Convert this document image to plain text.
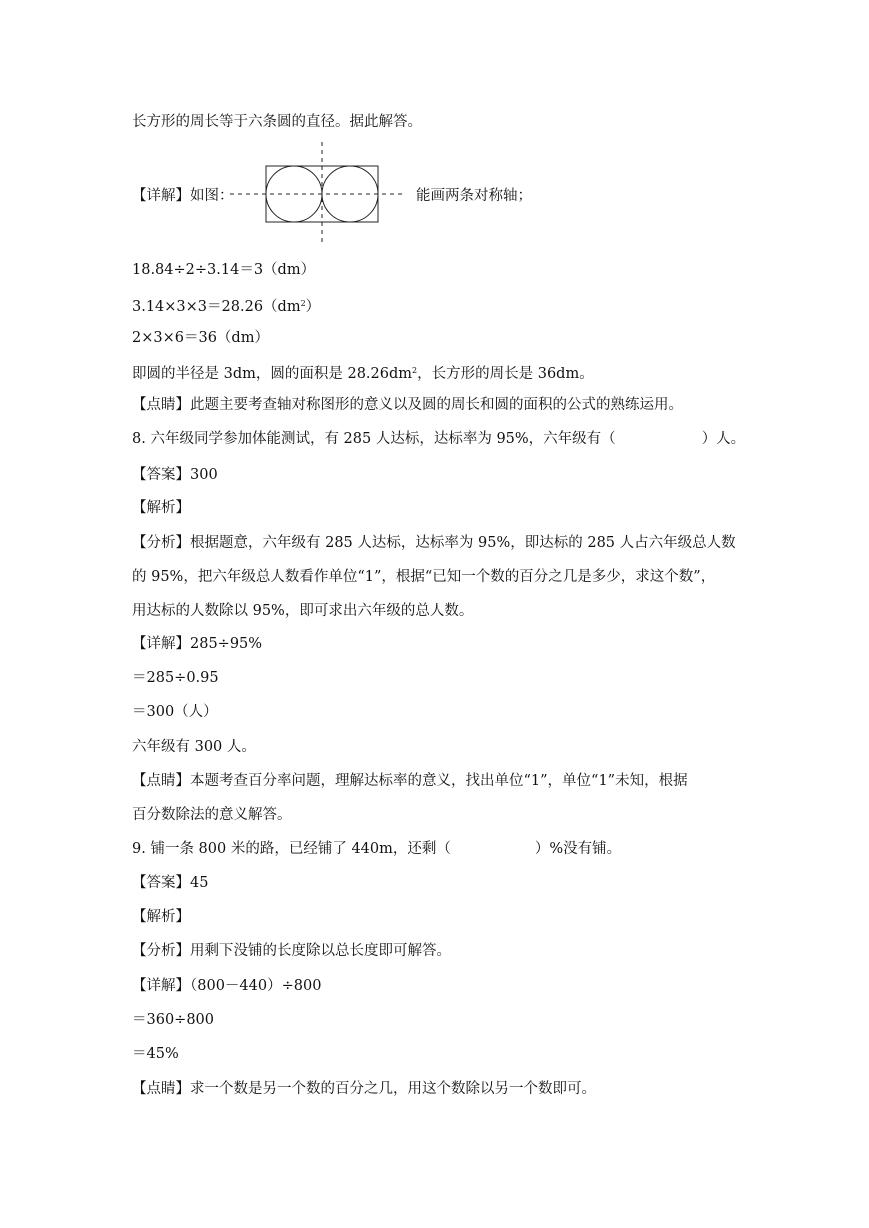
长方形的周长等于六条圆的直径。据此解答。
【详解】如图：	能画两条对称轴；
18.84÷2÷3.14＝3（dm）
$3.14\times 3\times 3=28.26(dm^2)$
2×3×6＝36（dm）
即圆的半径是 3dm，圆的面积是 $28.26dm^2$，长方形的周长是 36dm。
【点睛】此题主要考查轴对称图形的意义以及圆的周长和圆的面积的公式的熟练运用。
8. 六年级同学参加体能测试，有 285 人达标，达标率为 95%，六年级有（	）人。
【答案】300
【解析】
【分析】根据题意，六年级有 285 人达标，达标率为 95%，即达标的 285 人占六年级总人数
的 95%，把六年级总人数看作单位“1”，根据“已知一个数的百分之几是多少，求这个数”，
用达标的人数除以 95%，即可求出六年级的总人数。
【详解】285÷95%
＝285÷0.95
＝300（人）
六年级有 300 人。
【点睛】本题考查百分率问题，理解达标率的意义，找出单位“1”，单位“1”未知，根据
百分数除法的意义解答。
9. 铺一条 800 米的路，已经铺了 440m，还剩（	）%没有铺。
【答案】45
【解析】
【分析】用剩下没铺的长度除以总长度即可解答。
【详解】（800－440）÷800
＝360÷800
＝45%
【点睛】求一个数是另一个数的百分之几，用这个数除以另一个数即可。
